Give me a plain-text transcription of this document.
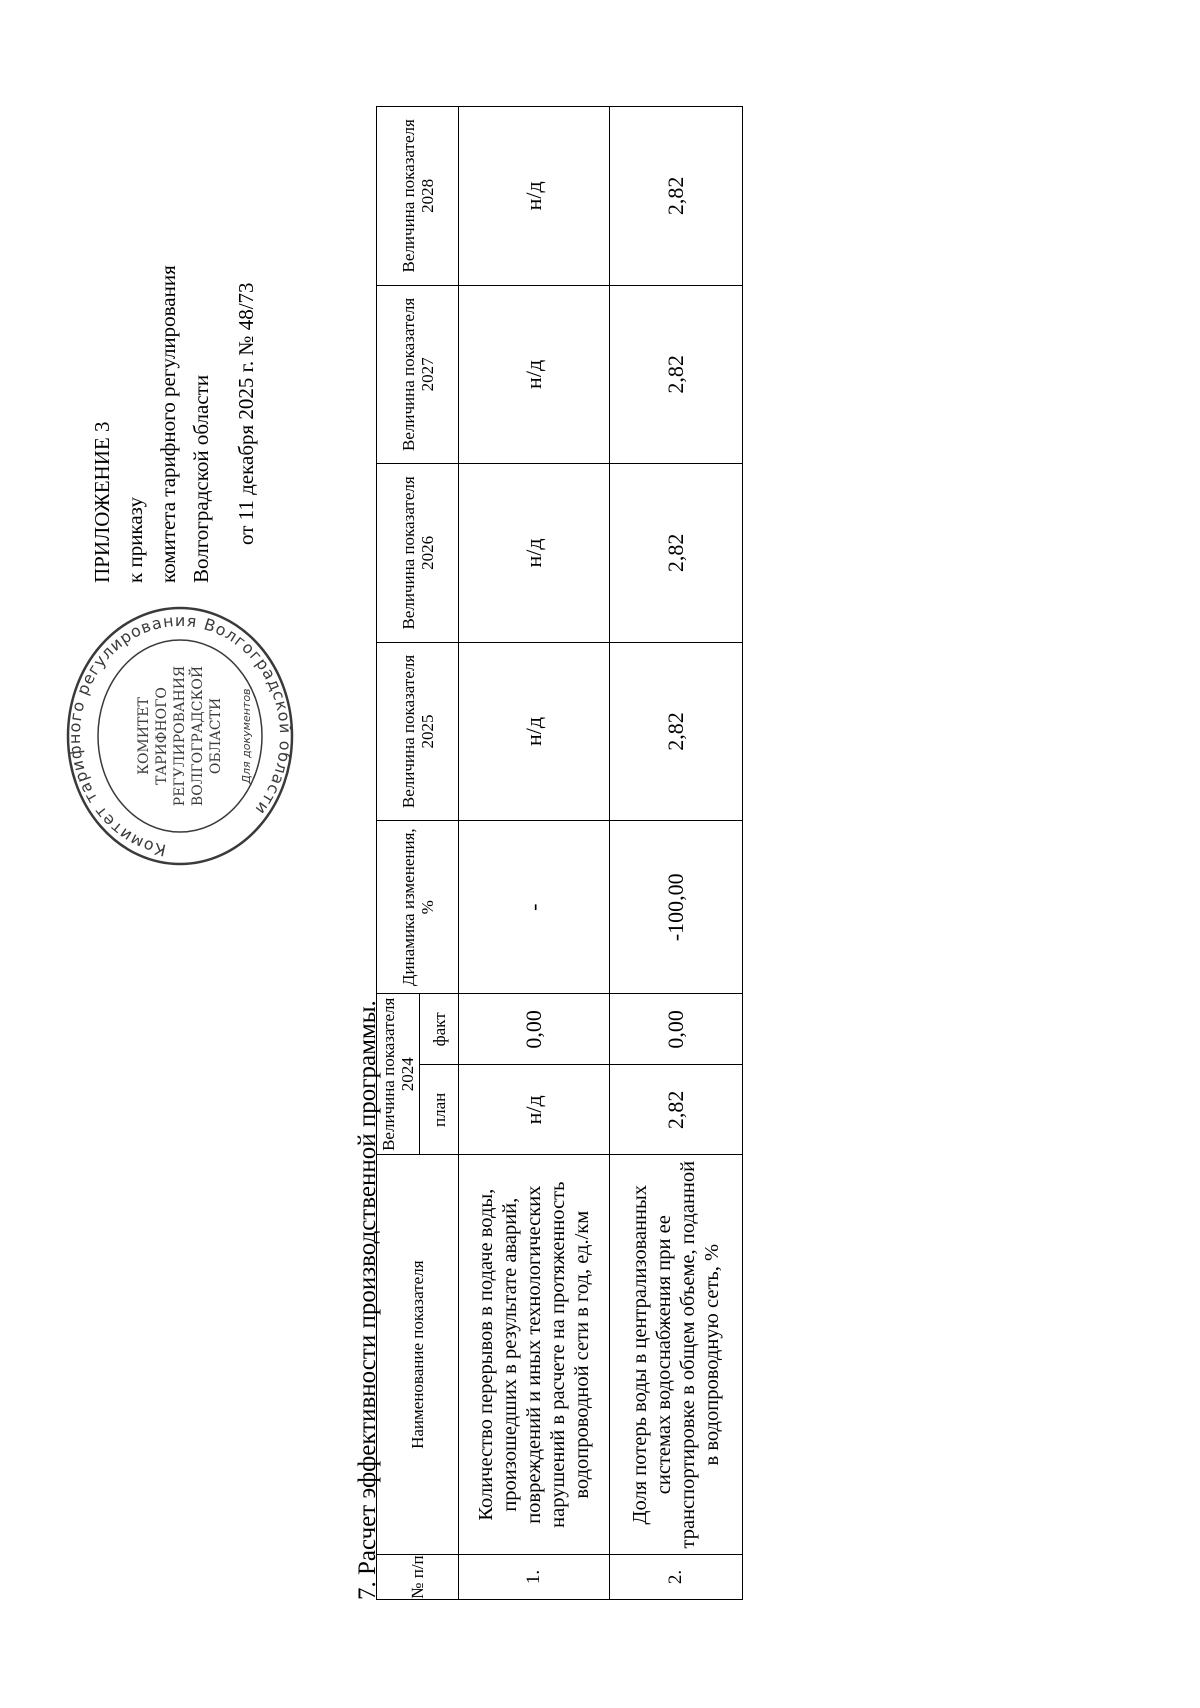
Комитет тарифного регулирования Волгоградской области
КОМИТЕТ ТАРИФНОГО РЕГУЛИРОВАНИЯ ВОЛГОГРАДСКОЙ ОБЛАСТИ Для документов
ПРИЛОЖЕНИЕ 3 к приказу комитета тарифного регулирования Волгоградской области от 11 декабря 2025 г. № 48/73
7. Расчет эффективности производственной программы. № п/п	Наименование показателя	Величина показателя 2024		Динамика изменения, %	Величина показателя 2025	Величина показателя 2026	Величина показателя 2027	Величина показателя 2028
		план	факт					
1.	Количество перерывов в подаче воды, произошедших в результате аварий, повреждений и иных технологических нарушений в расчете на протяженность водопроводной сети в год, ед./км	н/д	0,00	-	н/д	н/д	н/д	н/д
2.	Доля потерь воды в централизованных системах водоснабжения при ее транспортировке в общем объеме, поданной в водопроводную сеть, %	2,82	0,00	-100,00	2,82	2,82	2,82	2,82
